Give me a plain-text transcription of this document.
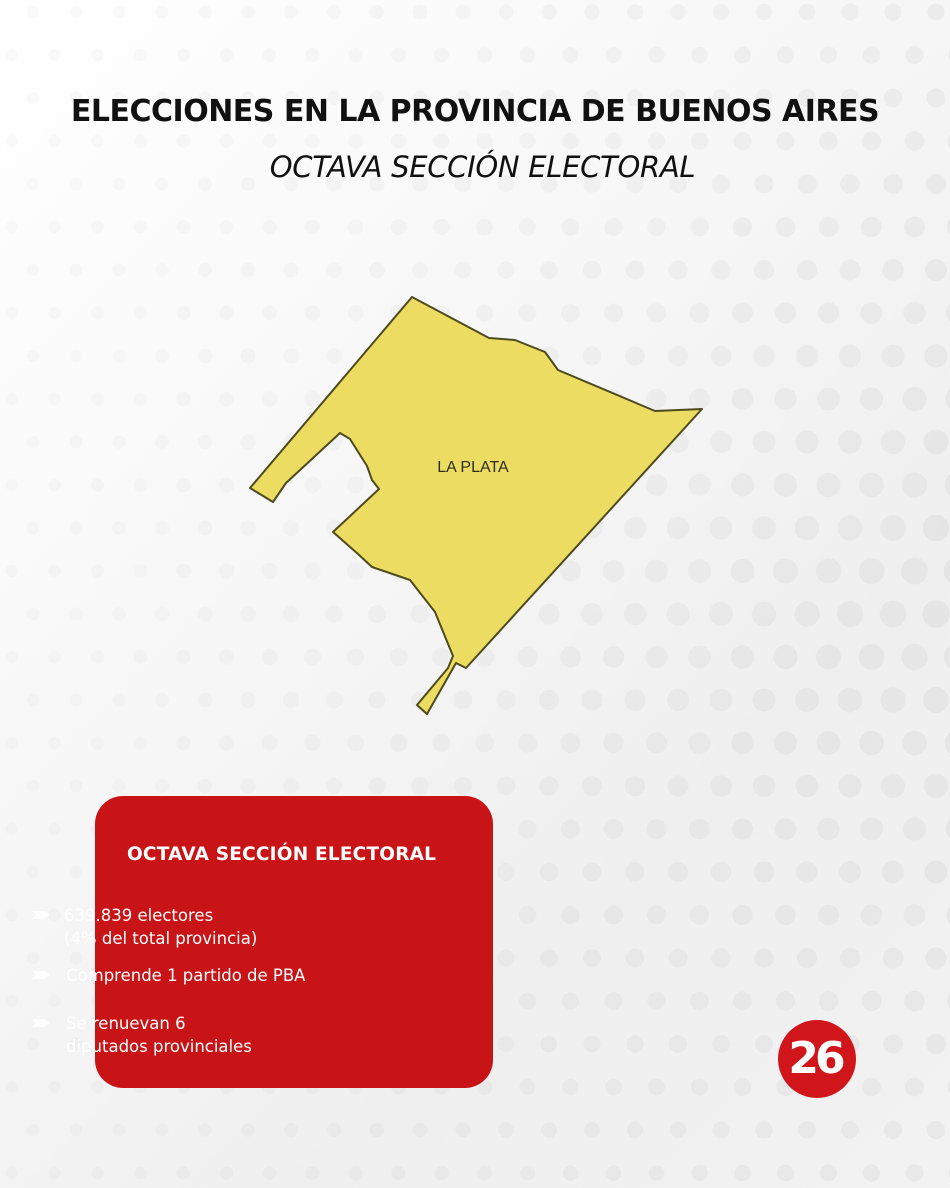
ELECCIONES EN LA PROVINCIA DE BUENOS AIRES
OCTAVA SECCIÓN ELECTORAL
LA PLATA
OCTAVA SECCIÓN ELECTORAL
639.839 electores
(4% del total provincia)
Comprende 1 partido de PBA
Se renuevan 6
diputados provinciales	26
